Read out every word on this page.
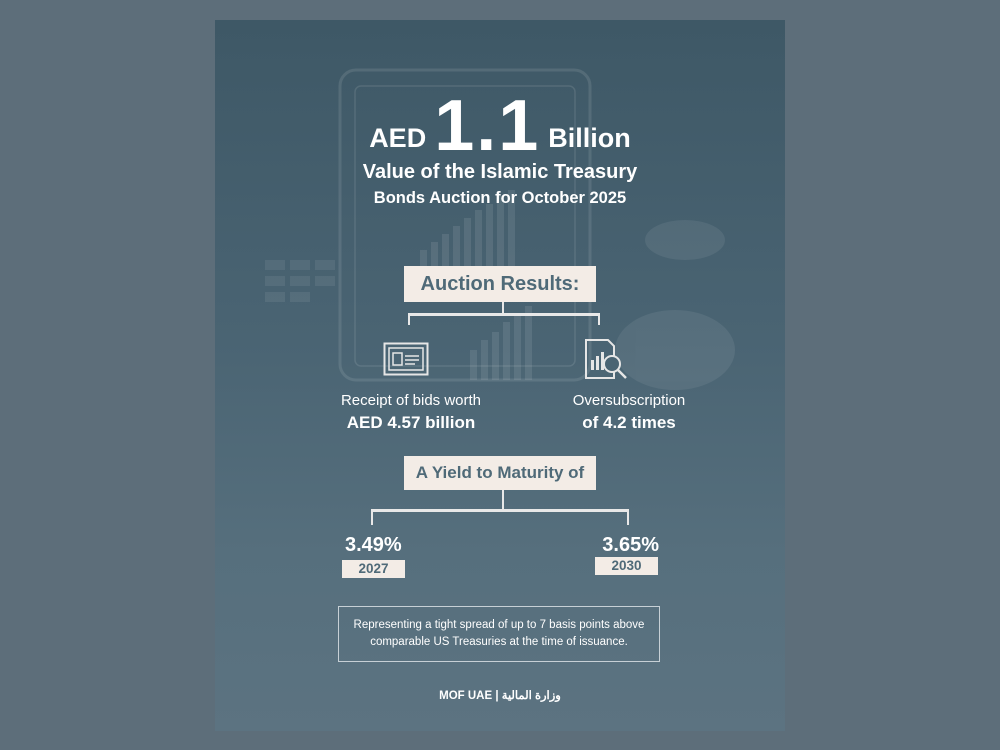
AED 1.1 Billion
Value of the Islamic Treasury
Bonds Auction for October 2025
Auction Results:
Receipt of bids worth
AED 4.57 billion
Oversubscription
of 4.2 times
A Yield to Maturity of
3.49%
2027
3.65%
2030
Representing a tight spread of up to 7 basis points above
comparable US Treasuries at the time of issuance.
MOF UAE | وزارة المالية
